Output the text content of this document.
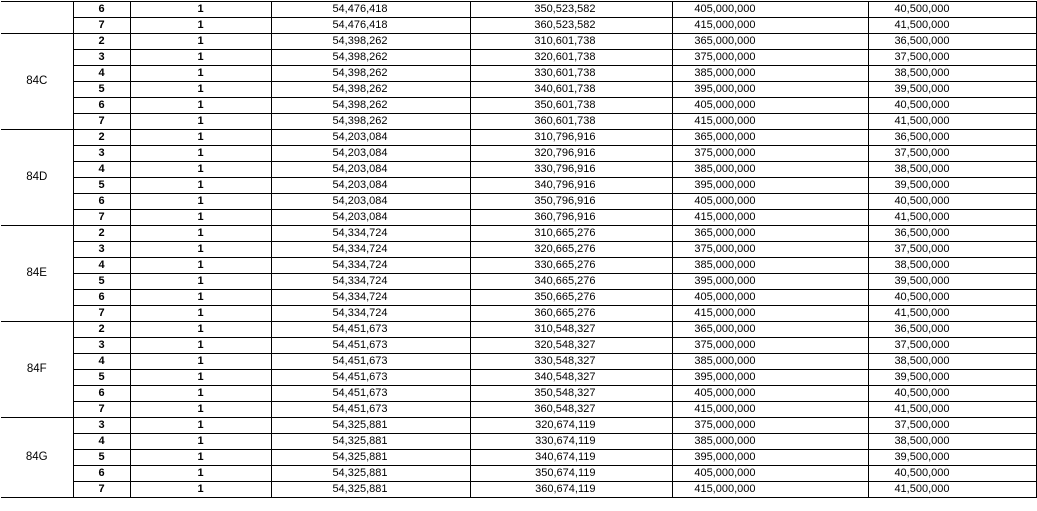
	6	1	54,476,418	350,523,582	405,000,000	40,500,000
	7	1	54,476,418	360,523,582	415,000,000	41,500,000
84C	2	1	54,398,262	310,601,738	365,000,000	36,500,000
	3	1	54,398,262	320,601,738	375,000,000	37,500,000
	4	1	54,398,262	330,601,738	385,000,000	38,500,000
	5	1	54,398,262	340,601,738	395,000,000	39,500,000
	6	1	54,398,262	350,601,738	405,000,000	40,500,000
	7	1	54,398,262	360,601,738	415,000,000	41,500,000
84D	2	1	54,203,084	310,796,916	365,000,000	36,500,000
	3	1	54,203,084	320,796,916	375,000,000	37,500,000
	4	1	54,203,084	330,796,916	385,000,000	38,500,000
	5	1	54,203,084	340,796,916	395,000,000	39,500,000
	6	1	54,203,084	350,796,916	405,000,000	40,500,000
	7	1	54,203,084	360,796,916	415,000,000	41,500,000
84E	2	1	54,334,724	310,665,276	365,000,000	36,500,000
	3	1	54,334,724	320,665,276	375,000,000	37,500,000
	4	1	54,334,724	330,665,276	385,000,000	38,500,000
	5	1	54,334,724	340,665,276	395,000,000	39,500,000
	6	1	54,334,724	350,665,276	405,000,000	40,500,000
	7	1	54,334,724	360,665,276	415,000,000	41,500,000
84F	2	1	54,451,673	310,548,327	365,000,000	36,500,000
	3	1	54,451,673	320,548,327	375,000,000	37,500,000
	4	1	54,451,673	330,548,327	385,000,000	38,500,000
	5	1	54,451,673	340,548,327	395,000,000	39,500,000
	6	1	54,451,673	350,548,327	405,000,000	40,500,000
	7	1	54,451,673	360,548,327	415,000,000	41,500,000
84G	3	1	54,325,881	320,674,119	375,000,000	37,500,000
	4	1	54,325,881	330,674,119	385,000,000	38,500,000
	5	1	54,325,881	340,674,119	395,000,000	39,500,000
	6	1	54,325,881	350,674,119	405,000,000	40,500,000
	7	1	54,325,881	360,674,119	415,000,000	41,500,000
